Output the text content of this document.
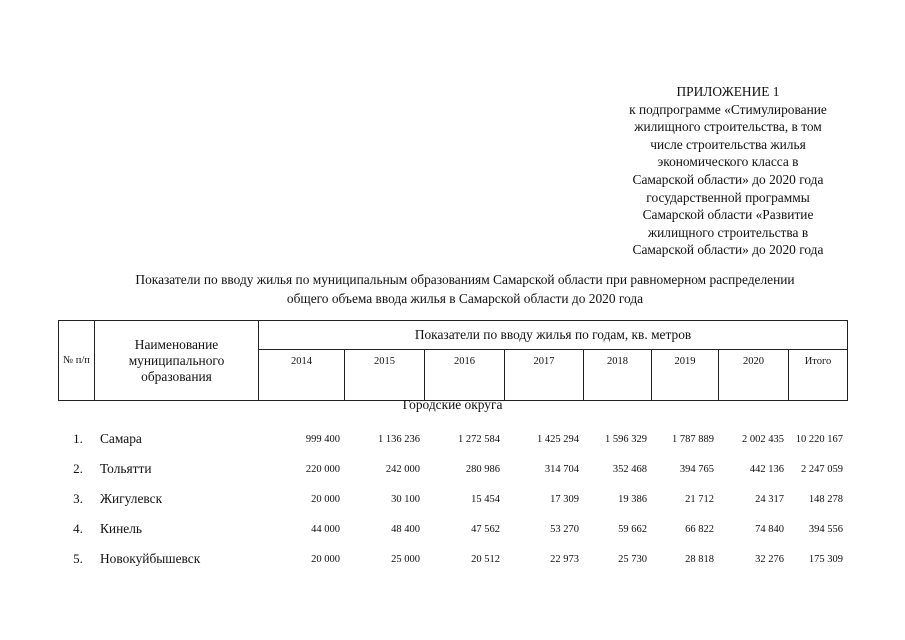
ПРИЛОЖЕНИЕ 1
к подпрограмме «Стимулирование
жилищного строительства, в том
числе строительства жилья
экономического класса в
Самарской области» до 2020 года
государственной программы
Самарской области «Развитие
жилищного строительства в
Самарской области» до 2020 года
Показатели по вводу жилья по муниципальным образованиям Самарской области при равномерном распределении
общего объема ввода жилья в Самарской области до 2020 года
№ п/п	Наименование муниципального образования	Показатели по вводу жилья по годам, кв. метров							
		2014	2015	2016	2017	2018	2019	2020	Итого
Городские округа
1.	Самара	999 400	1 136 236	1 272 584	1 425 294	1 596 329	1 787 889	2 002 435	10 220 167
2.	Тольятти	220 000	242 000	280 986	314 704	352 468	394 765	442 136	2 247 059
3.	Жигулевск	20 000	30 100	15 454	17 309	19 386	21 712	24 317	148 278
4.	Кинель	44 000	48 400	47 562	53 270	59 662	66 822	74 840	394 556
5.	Новокуйбышевск	20 000	25 000	20 512	22 973	25 730	28 818	32 276	175 309
